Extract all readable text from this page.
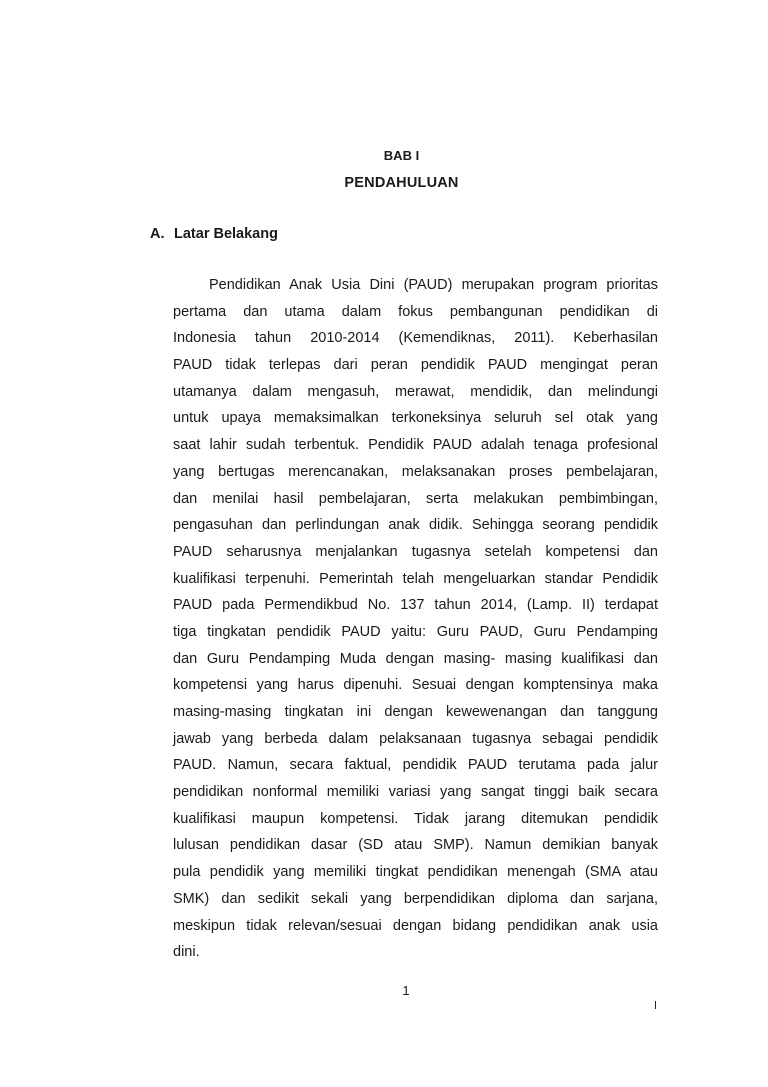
BAB I
PENDAHULUAN
A. Latar Belakang
Pendidikan Anak Usia Dini (PAUD) merupakan program prioritas
pertama dan utama dalam fokus pembangunan pendidikan di
Indonesia tahun 2010-2014 (Kemendiknas, 2011). Keberhasilan
PAUD tidak terlepas dari peran pendidik PAUD mengingat peran
utamanya dalam mengasuh, merawat, mendidik, dan melindungi
untuk upaya memaksimalkan terkoneksinya seluruh sel otak yang
saat lahir sudah terbentuk. Pendidik PAUD adalah tenaga profesional
yang bertugas merencanakan, melaksanakan proses pembelajaran,
dan menilai hasil pembelajaran, serta melakukan pembimbingan,
pengasuhan dan perlindungan anak didik. Sehingga seorang pendidik
PAUD seharusnya menjalankan tugasnya setelah kompetensi dan
kualifikasi terpenuhi. Pemerintah telah mengeluarkan standar Pendidik
PAUD pada Permendikbud No. 137 tahun 2014, (Lamp. II) terdapat
tiga tingkatan pendidik PAUD yaitu: Guru PAUD, Guru Pendamping
dan Guru Pendamping Muda dengan masing- masing kualifikasi dan
kompetensi yang harus dipenuhi. Sesuai dengan komptensinya maka
masing-masing tingkatan ini dengan kewewenangan dan tanggung
jawab yang berbeda dalam pelaksanaan tugasnya sebagai pendidik
PAUD. Namun, secara faktual, pendidik PAUD terutama pada jalur
pendidikan nonformal memiliki variasi yang sangat tinggi baik secara
kualifikasi maupun kompetensi. Tidak jarang ditemukan pendidik
lulusan pendidikan dasar (SD atau SMP). Namun demikian banyak
pula pendidik yang memiliki tingkat pendidikan menengah (SMA atau
SMK) dan sedikit sekali yang berpendidikan diploma dan sarjana,
meskipun tidak relevan/sesuai dengan bidang pendidikan anak usia
dini.
1
